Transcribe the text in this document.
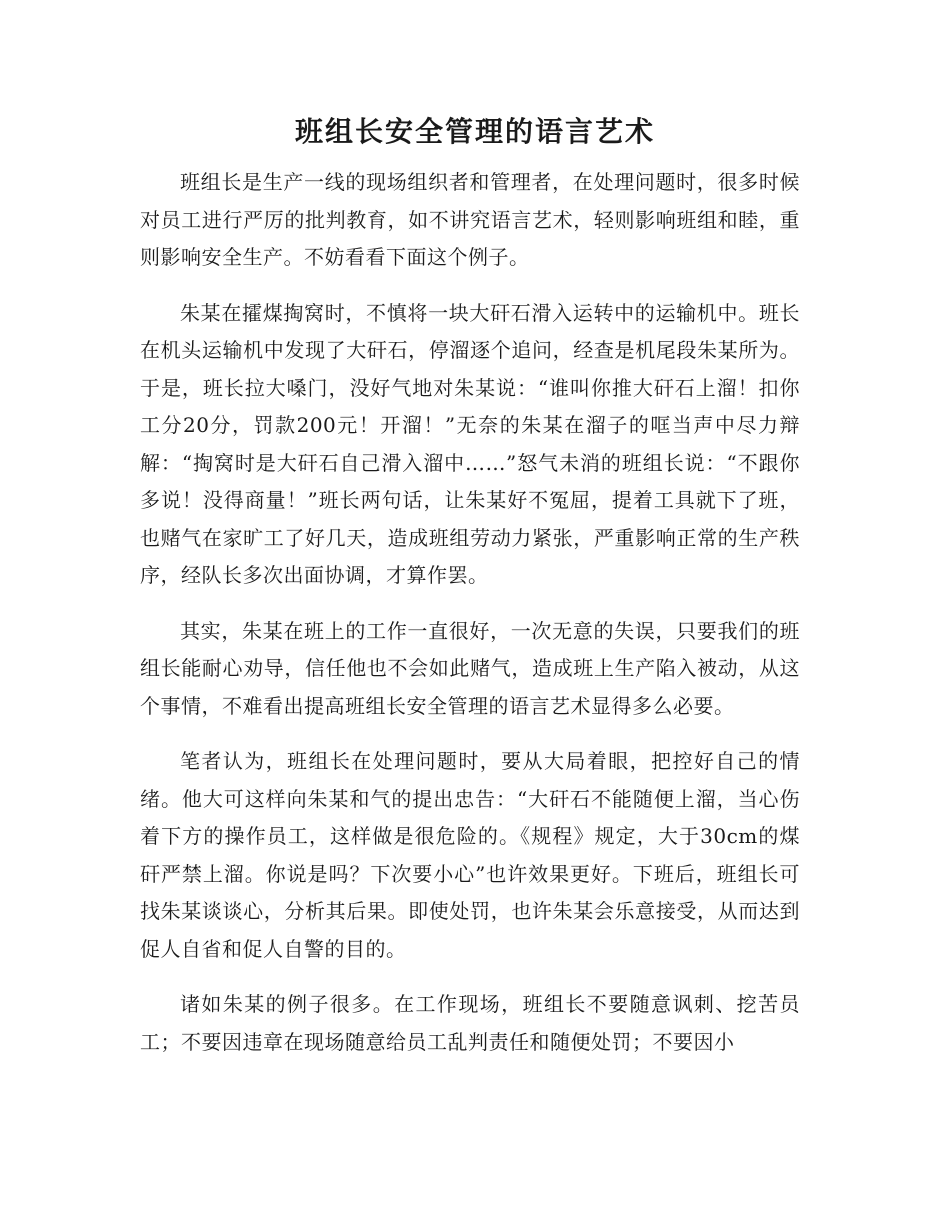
班组长安全管理的语言艺术

班组长是生产一线的现场组织者和管理者，在处理问题时，很多时候对员工进行严厉的批判教育，如不讲究语言艺术，轻则影响班组和睦，重则影响安全生产。不妨看看下面这个例子。

朱某在攉煤掏窝时，不慎将一块大矸石滑入运转中的运输机中。班长在机头运输机中发现了大矸石，停溜逐个追问，经查是机尾段朱某所为。于是，班长拉大嗓门，没好气地对朱某说：“谁叫你推大矸石上溜！扣你工分20分，罚款200元！开溜！”无奈的朱某在溜子的哐当声中尽力辩解：“掏窝时是大矸石自己滑入溜中……”怒气未消的班组长说：“不跟你多说！没得商量！”班长两句话，让朱某好不冤屈，提着工具就下了班，也赌气在家旷工了好几天，造成班组劳动力紧张，严重影响正常的生产秩序，经队长多次出面协调，才算作罢。

其实，朱某在班上的工作一直很好，一次无意的失误，只要我们的班组长能耐心劝导，信任他也不会如此赌气，造成班上生产陷入被动，从这个事情，不难看出提高班组长安全管理的语言艺术显得多么必要。

笔者认为，班组长在处理问题时，要从大局着眼，把控好自己的情绪。他大可这样向朱某和气的提出忠告：“大矸石不能随便上溜，当心伤着下方的操作员工，这样做是很危险的。《规程》规定，大于30cm的煤矸严禁上溜。你说是吗？下次要小心”也许效果更好。下班后，班组长可找朱某谈谈心，分析其后果。即使处罚，也许朱某会乐意接受，从而达到促人自省和促人自警的目的。

诸如朱某的例子很多。在工作现场，班组长不要随意讽刺、挖苦员工；不要因违章在现场随意给员工乱判责任和随便处罚；不要因小
